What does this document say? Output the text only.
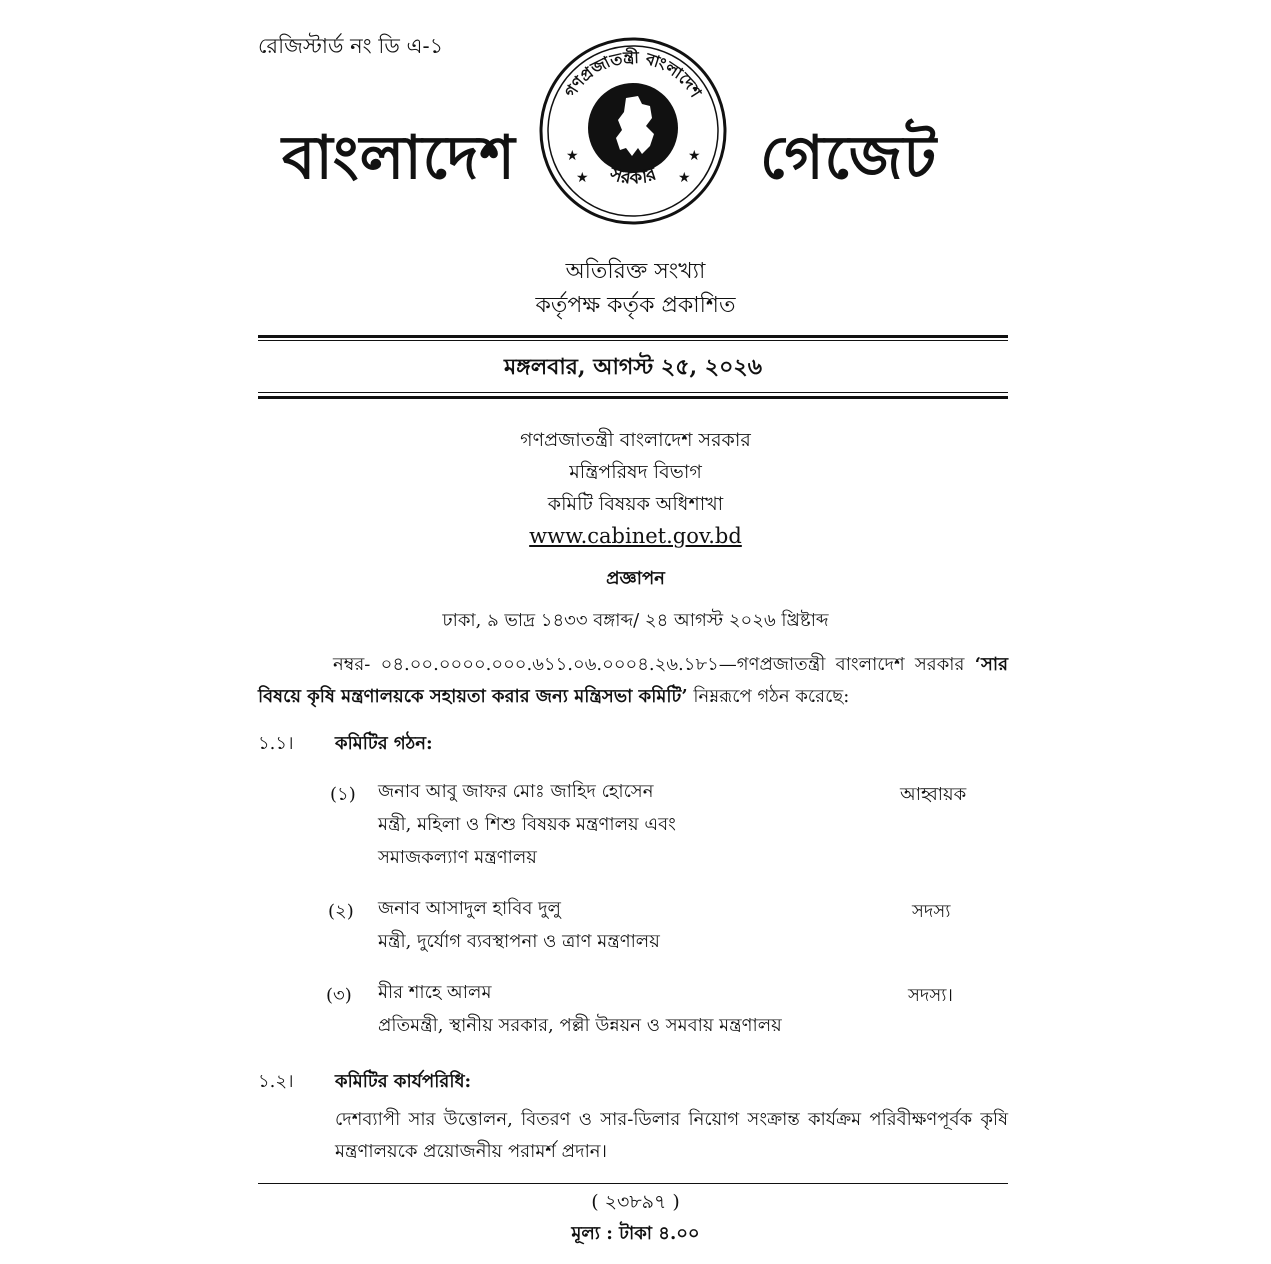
রেজিস্টার্ড নং ডি এ-১
বাংলাদেশ
গণপ্রজাতন্ত্রী বাংলাদেশ
সরকার
★
★
★
★ গেজেট
অতিরিক্ত সংখ্যা
কর্তৃপক্ষ কর্তৃক প্রকাশিত
মঙ্গলবার, আগস্ট ২৫, ২০২৬
গণপ্রজাতন্ত্রী বাংলাদেশ সরকার
মন্ত্রিপরিষদ বিভাগ
কমিটি বিষয়ক অধিশাখা
www.cabinet.gov.bd
প্রজ্ঞাপন
ঢাকা, ৯ ভাদ্র ১৪৩৩ বঙ্গাব্দ/ ২৪ আগস্ট ২০২৬ খ্রিষ্টাব্দ
নম্বর- ০৪.০০.০০০০.০০০.৬১১.০৬.০০০৪.২৬.১৮১—গণপ্রজাতন্ত্রী বাংলাদেশ সরকার ‘সার বিষয়ে কৃষি মন্ত্রণালয়কে সহায়তা করার জন্য মন্ত্রিসভা কমিটি’ নিম্নরূপে গঠন করেছে:
১.১। কমিটির গঠন:
(১) জনাব আবু জাফর মোঃ জাহিদ হোসেন
মন্ত্রী, মহিলা ও শিশু বিষয়ক মন্ত্রণালয় এবং
সমাজকল্যাণ মন্ত্রণালয়
আহ্বায়ক
(২) জনাব আসাদুল হাবিব দুলু
মন্ত্রী, দুর্যোগ ব্যবস্থাপনা ও ত্রাণ মন্ত্রণালয়
সদস্য
(৩) মীর শাহে আলম
প্রতিমন্ত্রী, স্থানীয় সরকার, পল্লী উন্নয়ন ও সমবায় মন্ত্রণালয়
সদস্য।
১.২। কমিটির কার্যপরিধি:
দেশব্যাপী সার উত্তোলন, বিতরণ ও সার-ডিলার নিয়োগ সংক্রান্ত কার্যক্রম পরিবীক্ষণপূর্বক কৃষি মন্ত্রণালয়কে প্রয়োজনীয় পরামর্শ প্রদান।
( ২৩৮৯৭ )
মূল্য : টাকা ৪.০০
